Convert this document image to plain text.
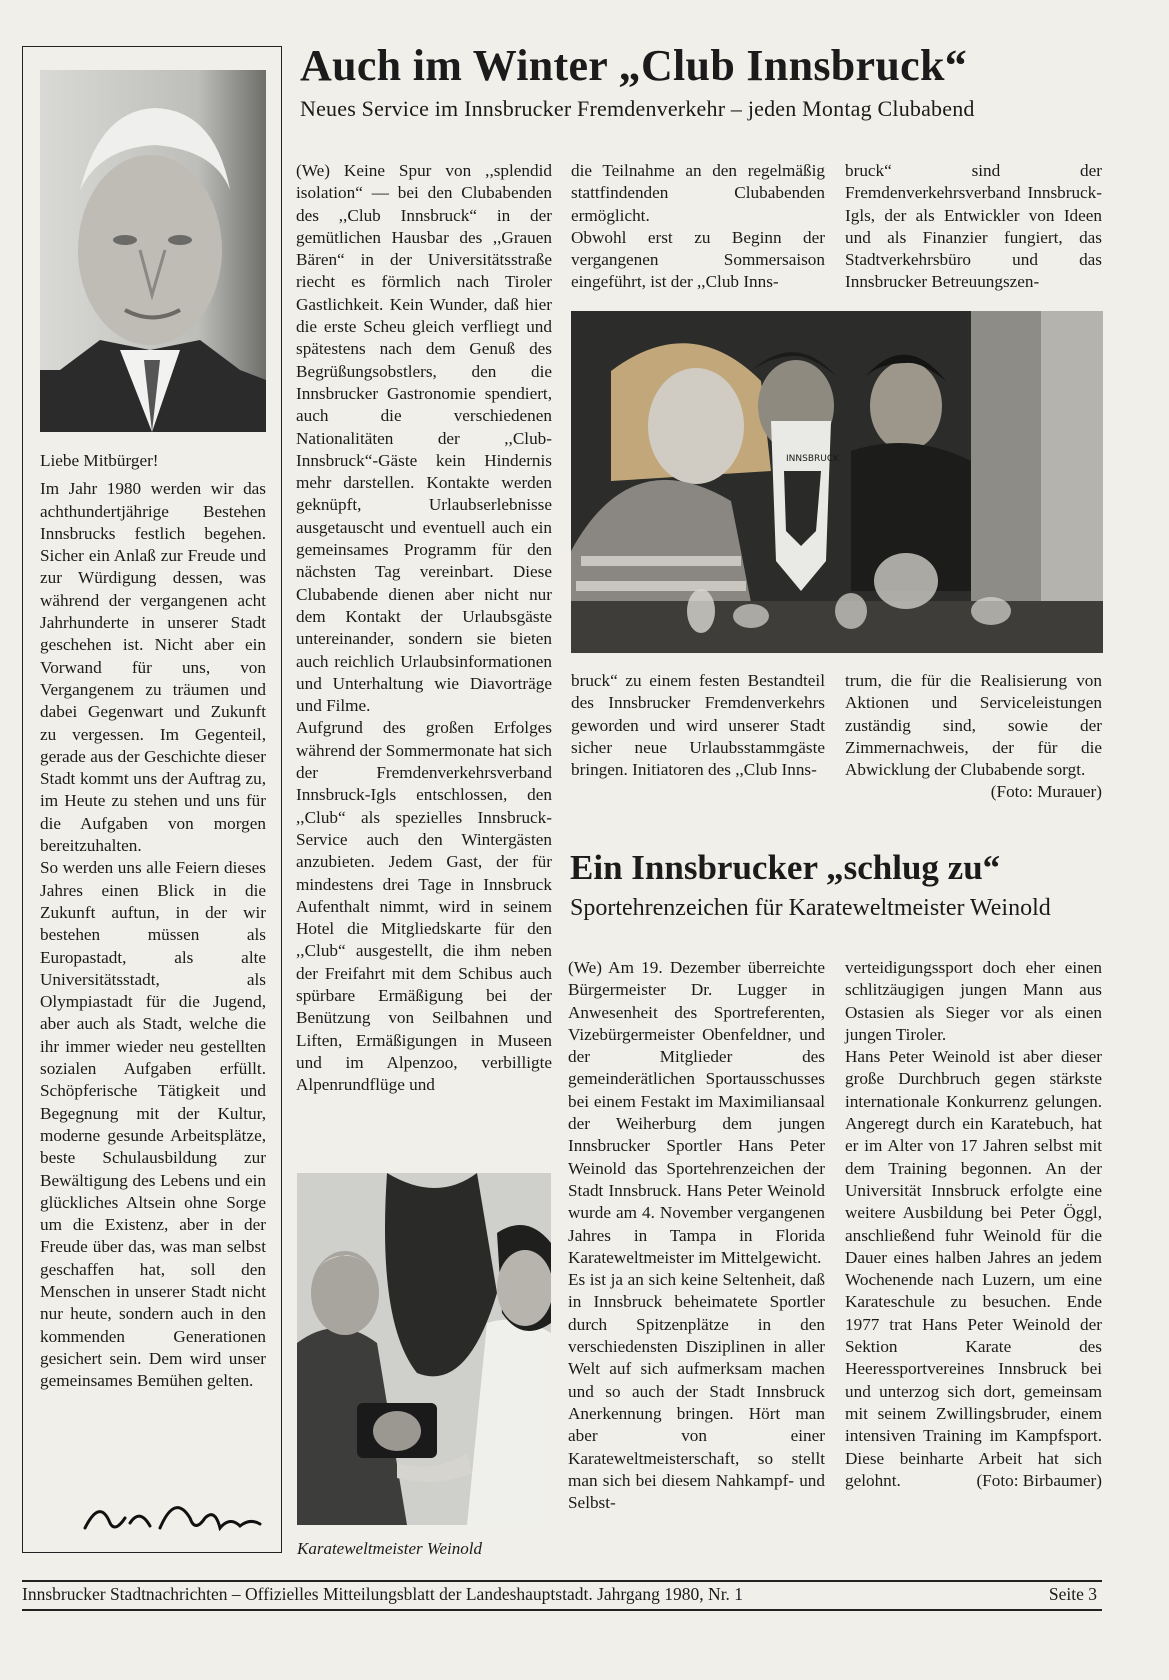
Auch im Winter „Club Innsbruck“
Neues Service im Innsbrucker Fremdenverkehr – jeden Montag Clubabend

Liebe Mitbürger!

Im Jahr 1980 werden wir das achthundertjährige Bestehen Innsbrucks festlich begehen. Sicher ein Anlaß zur Freude und zur Würdigung dessen, was während der vergangenen acht Jahrhunderte in unserer Stadt geschehen ist. Nicht aber ein Vorwand für uns, von Vergangenem zu träumen und dabei Gegenwart und Zukunft zu vergessen. Im Gegenteil, gerade aus der Geschichte dieser Stadt kommt uns der Auftrag zu, im Heute zu stehen und uns für die Aufgaben von morgen bereitzuhalten.

So werden uns alle Feiern dieses Jahres einen Blick in die Zukunft auftun, in der wir bestehen müssen als Europastadt, als alte Universitätsstadt, als Olympiastadt für die Jugend, aber auch als Stadt, welche die ihr immer wieder neu gestellten sozialen Aufgaben erfüllt. Schöpferische Tätigkeit und Begegnung mit der Kultur, moderne gesunde Arbeitsplätze, beste Schulausbildung zur Bewältigung des Lebens und ein glückliches Altsein ohne Sorge um die Existenz, aber in der Freude über das, was man selbst geschaffen hat, soll den Menschen in unserer Stadt nicht nur heute, sondern auch in den kommenden Generationen gesichert sein. Dem wird unser gemeinsames Bemühen gelten.

(We) Keine Spur von ,,splendid isolation“ — bei den Clubabenden des ,,Club Innsbruck“ in der gemütlichen Hausbar des ,,Grauen Bären“ in der Universitätsstraße riecht es förmlich nach Tiroler Gastlichkeit. Kein Wunder, daß hier die erste Scheu gleich verfliegt und spätestens nach dem Genuß des Begrüßungsobstlers, den die Innsbrucker Gastronomie spendiert, auch die verschiedenen Nationalitäten der ,,Club-Innsbruck“-Gäste kein Hindernis mehr darstellen. Kontakte werden geknüpft, Urlaubserlebnisse ausgetauscht und eventuell auch ein gemeinsames Programm für den nächsten Tag vereinbart. Diese Clubabende dienen aber nicht nur dem Kontakt der Urlaubsgäste untereinander, sondern sie bieten auch reichlich Urlaubsinformationen und Unterhaltung wie Diavorträge und Filme.

Aufgrund des großen Erfolges während der Sommermonate hat sich der Fremdenverkehrsverband Innsbruck-Igls entschlossen, den ,,Club“ als spezielles Innsbruck-Service auch den Wintergästen anzubieten. Jedem Gast, der für mindestens drei Tage in Innsbruck Aufenthalt nimmt, wird in seinem Hotel die Mitgliedskarte für den ,,Club“ ausgestellt, die ihm neben der Freifahrt mit dem Schibus auch spürbare Ermäßigung bei der Benützung von Seilbahnen und Liften, Ermäßigungen in Museen und im Alpenzoo, verbilligte Alpenrundflüge und

Karateweltmeister Weinold

die Teilnahme an den regelmäßig stattfindenden Clubabenden ermöglicht.

Obwohl erst zu Beginn der vergangenen Sommersaison eingeführt, ist der ,,Club Inns-

bruck“ sind der Fremdenverkehrsverband Innsbruck-Igls, der als Entwickler von Ideen und als Finanzier fungiert, das Stadtverkehrsbüro und das Innsbrucker Betreuungszen-

INNSBRUCK

bruck“ zu einem festen Bestandteil des Innsbrucker Fremdenverkehrs geworden und wird unserer Stadt sicher neue Urlaubsstammgäste bringen. Initiatoren des ,,Club Inns-

trum, die für die Realisierung von Aktionen und Serviceleistungen zuständig sind, sowie der Zimmernachweis, der für die Abwicklung der Clubabende sorgt.
(Foto: Murauer)

Ein Innsbrucker „schlug zu“
Sportehrenzeichen für Karateweltmeister Weinold

(We) Am 19. Dezember überreichte Bürgermeister Dr. Lugger in Anwesenheit des Sportreferenten, Vizebürgermeister Obenfeldner, und der Mitglieder des gemeinderätlichen Sportausschusses bei einem Festakt im Maximiliansaal der Weiherburg dem jungen Innsbrucker Sportler Hans Peter Weinold das Sportehrenzeichen der Stadt Innsbruck. Hans Peter Weinold wurde am 4. November vergangenen Jahres in Tampa in Florida Karateweltmeister im Mittelgewicht.

Es ist ja an sich keine Seltenheit, daß in Innsbruck beheimatete Sportler durch Spitzenplätze in den verschiedensten Disziplinen in aller Welt auf sich aufmerksam machen und so auch der Stadt Innsbruck Anerkennung bringen. Hört man aber von einer Karateweltmeisterschaft, so stellt man sich bei diesem Nahkampf- und Selbst-

verteidigungssport doch eher einen schlitzäugigen jungen Mann aus Ostasien als Sieger vor als einen jungen Tiroler.

Hans Peter Weinold ist aber dieser große Durchbruch gegen stärkste internationale Konkurrenz gelungen. Angeregt durch ein Karatebuch, hat er im Alter von 17 Jahren selbst mit dem Training begonnen. An der Universität Innsbruck erfolgte eine weitere Ausbildung bei Peter Öggl, anschließend fuhr Weinold für die Dauer eines halben Jahres an jedem Wochenende nach Luzern, um eine Karateschule zu besuchen. Ende 1977 trat Hans Peter Weinold der Sektion Karate des Heeressportvereines Innsbruck bei und unterzog sich dort, gemeinsam mit seinem Zwillingsbruder, einem intensiven Training im Kampfsport. Diese beinharte Arbeit hat sich gelohnt.	(Foto: Birbaumer)

Innsbrucker Stadtnachrichten – Offizielles Mitteilungsblatt der Landeshauptstadt. Jahrgang 1980, Nr. 1	Seite 3
